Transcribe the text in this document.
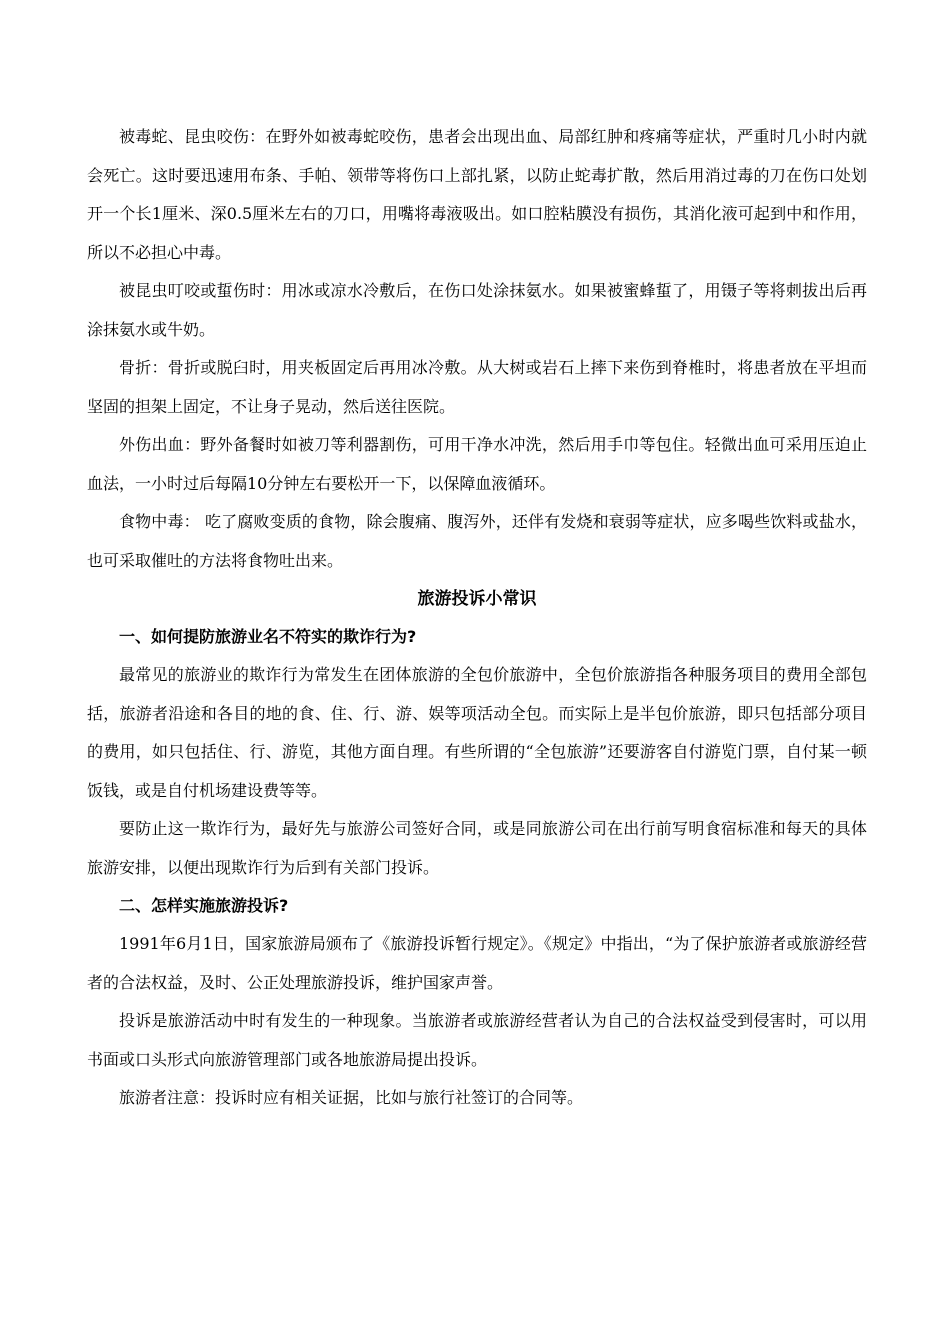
被毒蛇、昆虫咬伤：在野外如被毒蛇咬伤，患者会出现出血、局部红肿和疼痛等症状，严重时几小时内就会死亡。这时要迅速用布条、手帕、领带等将伤口上部扎紧，以防止蛇毒扩散，然后用消过毒的刀在伤口处划开一个长1厘米、深0.5厘米左右的刀口，用嘴将毒液吸出。如口腔粘膜没有损伤，其消化液可起到中和作用，所以不必担心中毒。

被昆虫叮咬或蜇伤时：用冰或凉水冷敷后，在伤口处涂抹氨水。如果被蜜蜂蜇了，用镊子等将刺拔出后再涂抹氨水或牛奶。

骨折：骨折或脱臼时，用夹板固定后再用冰冷敷。从大树或岩石上摔下来伤到脊椎时，将患者放在平坦而坚固的担架上固定，不让身子晃动，然后送往医院。

外伤出血：野外备餐时如被刀等利器割伤，可用干净水冲洗，然后用手巾等包住。轻微出血可采用压迫止血法，一小时过后每隔10分钟左右要松开一下，以保障血液循环。

食物中毒： 吃了腐败变质的食物，除会腹痛、腹泻外，还伴有发烧和衰弱等症状，应多喝些饮料或盐水，也可采取催吐的方法将食物吐出来。

旅游投诉小常识
一、如何提防旅游业名不符实的欺诈行为?

最常见的旅游业的欺诈行为常发生在团体旅游的全包价旅游中，全包价旅游指各种服务项目的费用全部包括，旅游者沿途和各目的地的食、住、行、游、娱等项活动全包。而实际上是半包价旅游，即只包括部分项目的费用，如只包括住、行、游览，其他方面自理。有些所谓的“全包旅游”还要游客自付游览门票，自付某一顿饭钱，或是自付机场建设费等等。

要防止这一欺诈行为，最好先与旅游公司签好合同，或是同旅游公司在出行前写明食宿标准和每天的具体旅游安排，以便出现欺诈行为后到有关部门投诉。

二、怎样实施旅游投诉?

1991年6月1日，国家旅游局颁布了《旅游投诉暂行规定》。《规定》中指出，“为了保护旅游者或旅游经营者的合法权益，及时、公正处理旅游投诉，维护国家声誉。

投诉是旅游活动中时有发生的一种现象。当旅游者或旅游经营者认为自己的合法权益受到侵害时，可以用书面或口头形式向旅游管理部门或各地旅游局提出投诉。

旅游者注意：投诉时应有相关证据，比如与旅行社签订的合同等。
